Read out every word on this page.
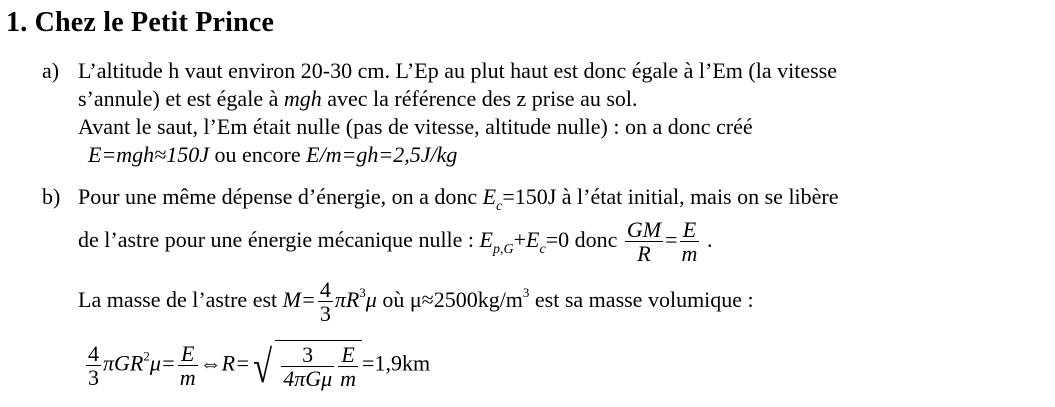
1. Chez le Petit Prince
a) L’altitude h vaut environ 20-30 cm. L’Ep au plut haut est donc égale à l’Em (la vitesse
s’annule) et est égale à mgh avec la référence des z prise au sol.
Avant le saut, l’Em était nulle (pas de vitesse, altitude nulle) : on a donc créé
E=mgh≈150J ou encore E/m=gh=2,5J/kg
b) Pour une même dépense d’énergie, on a donc $E_c=150J$ à l’état initial, mais on se libère
de l’astre pour une énergie mécanique nulle : $E_{p,G}+E_c=0$ donc $\frac{GM}{R} = \frac{E}{m}$ .
La masse de l’astre est $M= \frac{4}{3} \pi R^3\mu$ où $\mu\approx 2500kg/m^3$ est sa masse volumique :
$\frac{4}{3} \pi GR^2\mu= \frac{E}{m}$ ⇔R=√ $\frac{3}{\text{4πGμ}} \frac{E}{m} =1,9km$
